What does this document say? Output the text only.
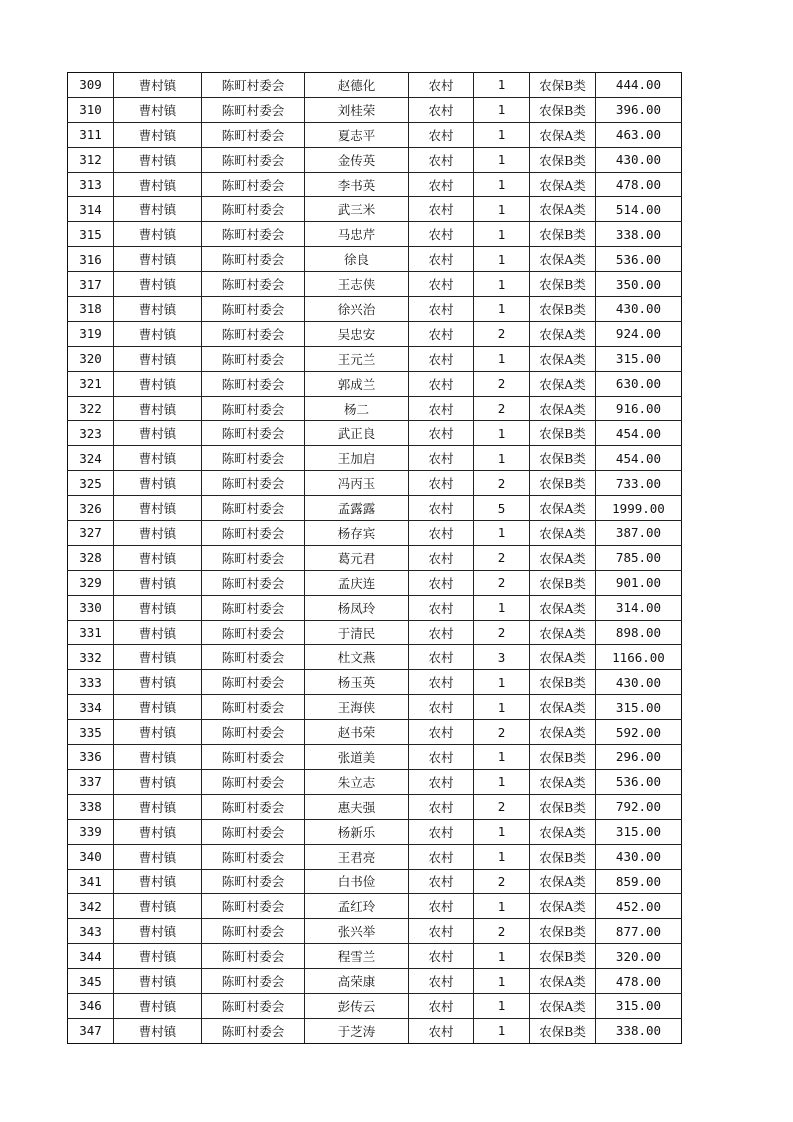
309	曹村镇	陈町村委会	赵德化	农村	1	农保B类	444.00
310	曹村镇	陈町村委会	刘桂荣	农村	1	农保B类	396.00
311	曹村镇	陈町村委会	夏志平	农村	1	农保A类	463.00
312	曹村镇	陈町村委会	金传英	农村	1	农保B类	430.00
313	曹村镇	陈町村委会	李书英	农村	1	农保A类	478.00
314	曹村镇	陈町村委会	武三米	农村	1	农保A类	514.00
315	曹村镇	陈町村委会	马忠芹	农村	1	农保B类	338.00
316	曹村镇	陈町村委会	徐良	农村	1	农保A类	536.00
317	曹村镇	陈町村委会	王志侠	农村	1	农保B类	350.00
318	曹村镇	陈町村委会	徐兴治	农村	1	农保B类	430.00
319	曹村镇	陈町村委会	吴忠安	农村	2	农保A类	924.00
320	曹村镇	陈町村委会	王元兰	农村	1	农保A类	315.00
321	曹村镇	陈町村委会	郭成兰	农村	2	农保A类	630.00
322	曹村镇	陈町村委会	杨二	农村	2	农保A类	916.00
323	曹村镇	陈町村委会	武正良	农村	1	农保B类	454.00
324	曹村镇	陈町村委会	王加启	农村	1	农保B类	454.00
325	曹村镇	陈町村委会	冯丙玉	农村	2	农保B类	733.00
326	曹村镇	陈町村委会	孟露露	农村	5	农保A类	1999.00
327	曹村镇	陈町村委会	杨存宾	农村	1	农保A类	387.00
328	曹村镇	陈町村委会	葛元君	农村	2	农保A类	785.00
329	曹村镇	陈町村委会	孟庆连	农村	2	农保B类	901.00
330	曹村镇	陈町村委会	杨凤玲	农村	1	农保A类	314.00
331	曹村镇	陈町村委会	于清民	农村	2	农保A类	898.00
332	曹村镇	陈町村委会	杜文燕	农村	3	农保A类	1166.00
333	曹村镇	陈町村委会	杨玉英	农村	1	农保B类	430.00
334	曹村镇	陈町村委会	王海侠	农村	1	农保A类	315.00
335	曹村镇	陈町村委会	赵书荣	农村	2	农保A类	592.00
336	曹村镇	陈町村委会	张道美	农村	1	农保B类	296.00
337	曹村镇	陈町村委会	朱立志	农村	1	农保A类	536.00
338	曹村镇	陈町村委会	惠夫强	农村	2	农保B类	792.00
339	曹村镇	陈町村委会	杨新乐	农村	1	农保A类	315.00
340	曹村镇	陈町村委会	王君亮	农村	1	农保B类	430.00
341	曹村镇	陈町村委会	白书俭	农村	2	农保A类	859.00
342	曹村镇	陈町村委会	孟红玲	农村	1	农保A类	452.00
343	曹村镇	陈町村委会	张兴举	农村	2	农保B类	877.00
344	曹村镇	陈町村委会	程雪兰	农村	1	农保B类	320.00
345	曹村镇	陈町村委会	高荣康	农村	1	农保A类	478.00
346	曹村镇	陈町村委会	彭传云	农村	1	农保A类	315.00
347	曹村镇	陈町村委会	于芝涛	农村	1	农保B类	338.00
